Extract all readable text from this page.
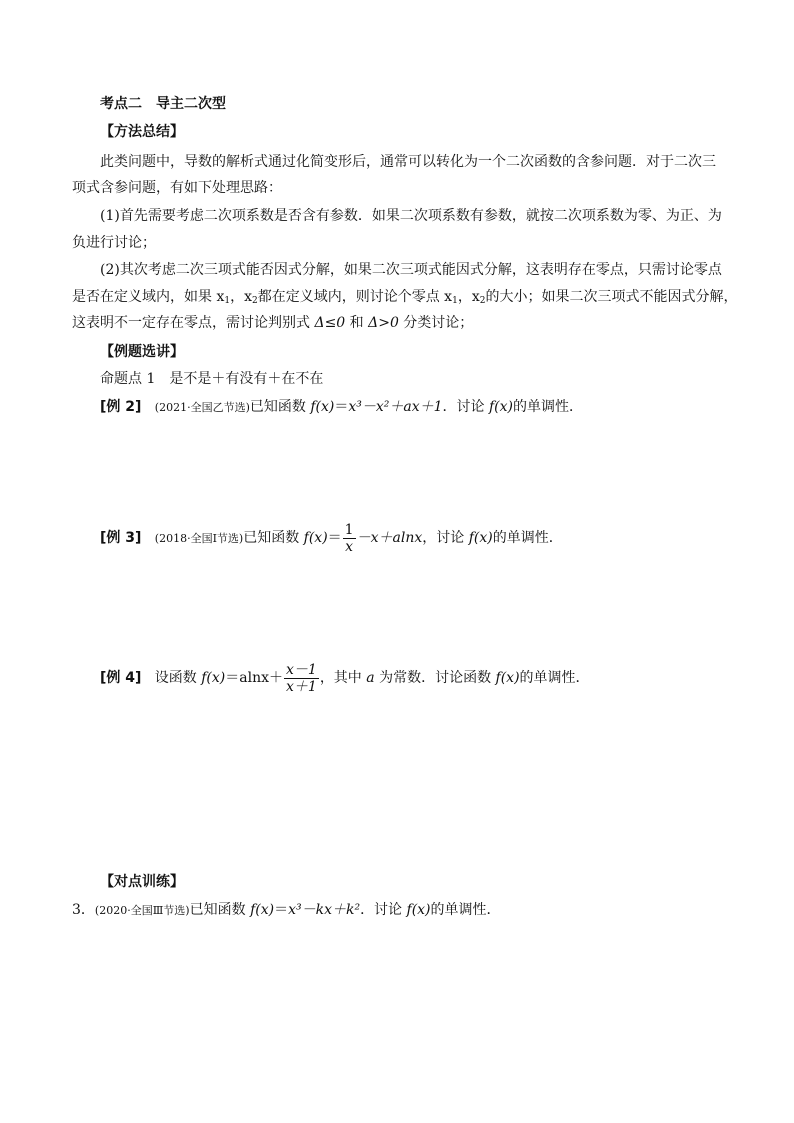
考点二　导主二次型
【方法总结】
此类问题中，导数的解析式通过化简变形后，通常可以转化为一个二次函数的含参问题．对于二次三
项式含参问题，有如下处理思路：
(1)首先需要考虑二次项系数是否含有参数．如果二次项系数有参数，就按二次项系数为零、为正、为
负进行讨论；
(2)其次考虑二次三项式能否因式分解，如果二次三项式能因式分解，这表明存在零点，只需讨论零点
是否在定义域内，如果 $x_1$，$x_2$都在定义域内，则讨论个零点 $x_1$，$x_2$的大小；如果二次三项式不能因式分解，
这表明不一定存在零点，需讨论判别式 Δ≤0 和 Δ>0 分类讨论；
【例题选讲】
命题点 1　是不是＋有没有＋在不在
[例 2] (2021·全国乙节选)已知函数 f(x)＝x³－x²＋ax＋1．讨论 f(x)的单调性．
[例 3] (2018·全国Ⅰ节选)已知函数 $f(x)= \frac{1}{x} -x+alnx$，讨论 f(x)的单调性．
[例 4] 设函数 $f(x)=alnx+ \frac{x-1}{x+1}$ ，其中 a 为常数．讨论函数 f(x)的单调性．
【对点训练】
3．(2020·全国Ⅲ节选)已知函数 f(x)＝x³－kx＋k²．讨论 f(x)的单调性．
